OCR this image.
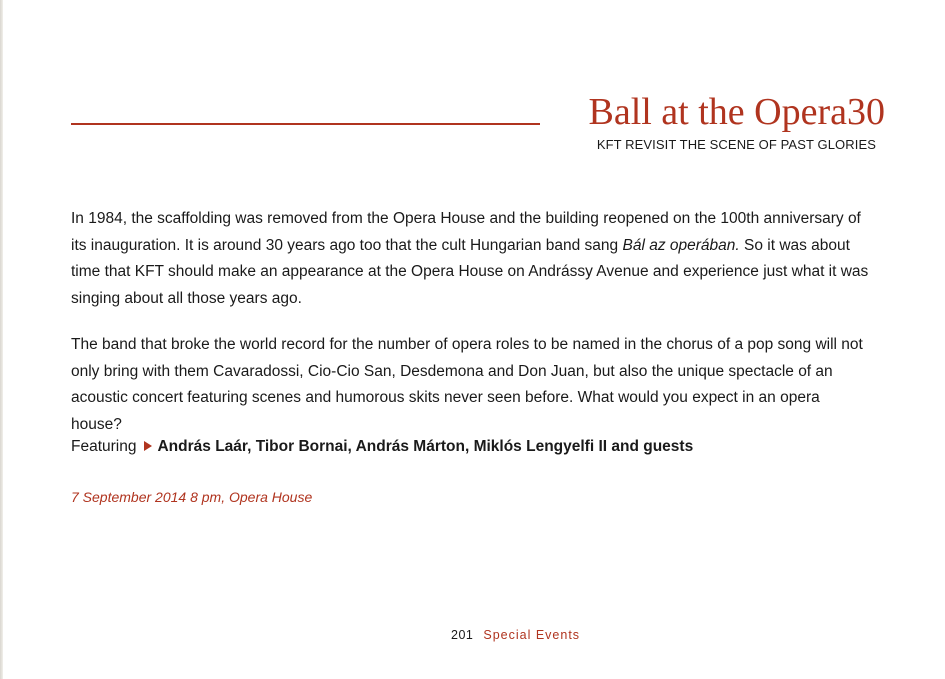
Ball at the Opera30
KFT REVISIT THE SCENE OF PAST GLORIES

In 1984, the scaffolding was removed from the Opera House and the building reopened on the 100th anniversary of its inauguration. It is around 30 years ago too that the cult Hungarian band sang Bál az operában. So it was about time that KFT should make an appearance at the Opera House on Andrássy Avenue and experience just what it was singing about all those years ago.

The band that broke the world record for the number of opera roles to be named in the chorus of a pop song will not only bring with them Cavaradossi, Cio-Cio San, Desdemona and Don Juan, but also the unique spectacle of an acoustic concert featuring scenes and humorous skits never seen before. What would you expect in an opera house?

Featuring András Laár, Tibor Bornai, András Márton, Miklós Lengyelfi II and guests
7 September 2014 8 pm, Opera House
201 Special Events
